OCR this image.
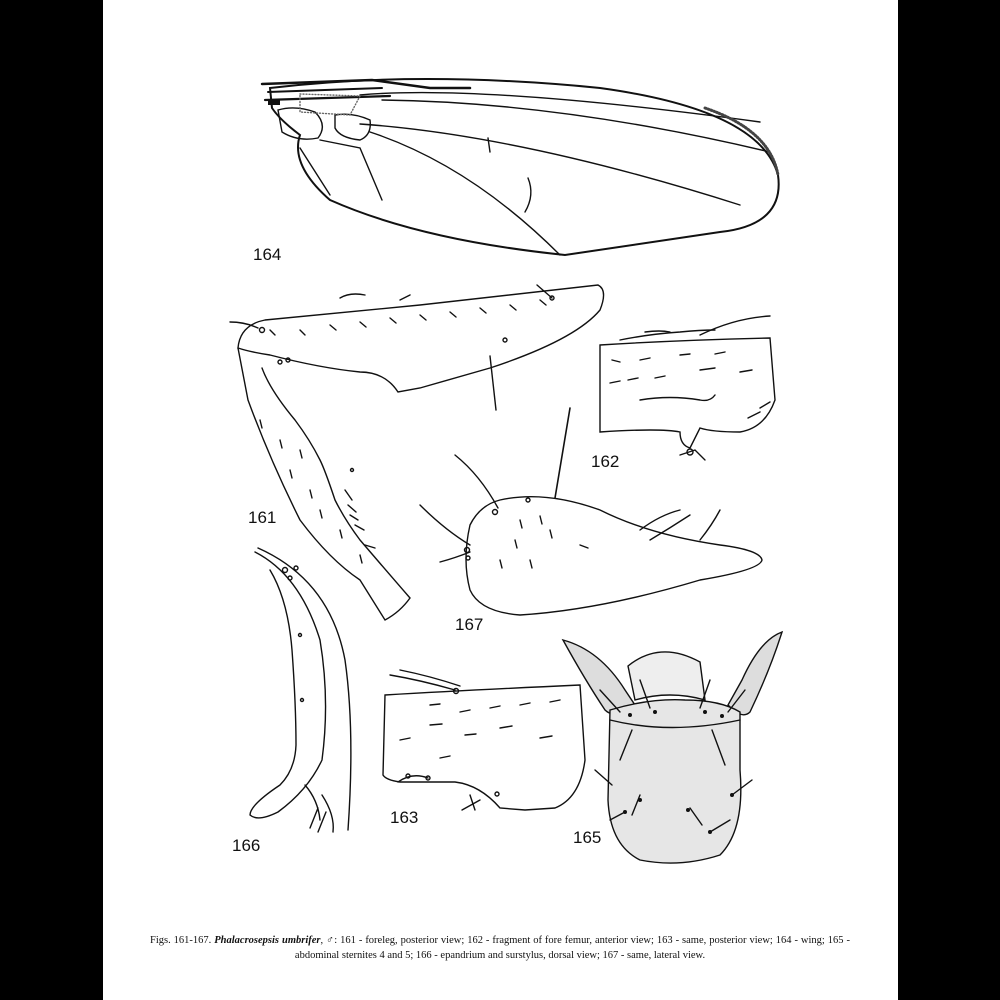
164
161
162
167
166
163
165
Figs. 161-167. Phalacrosepsis umbrifer, ♂: 161 - foreleg, posterior view; 162 - fragment of fore femur, anterior view; 163 - same, posterior view; 164 - wing; 165 - abdominal sternites 4 and 5; 166 - epandrium and surstylus, dorsal view; 167 - same, lateral view.
